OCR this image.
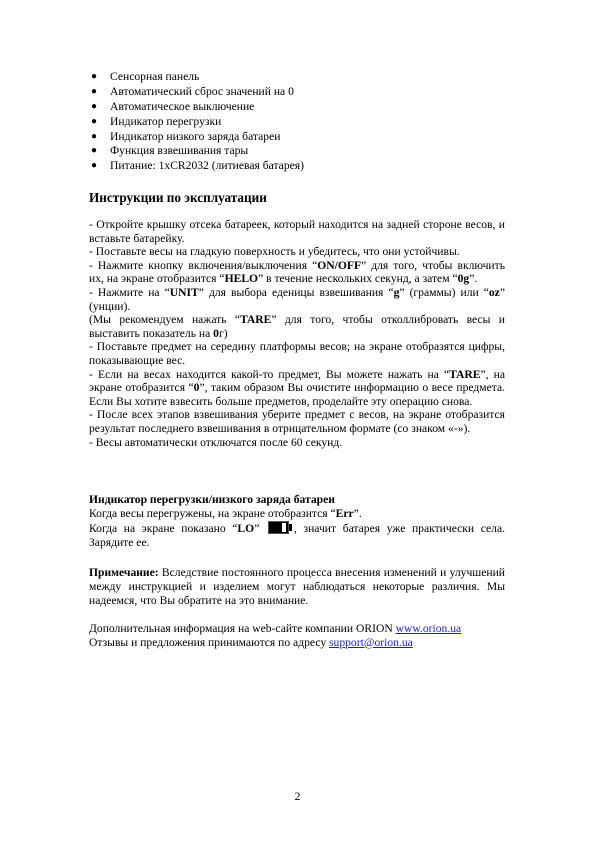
● Сенсорная панель
● Автоматический сброс значений на 0
● Автоматическое выключение
● Индикатор перегрузки
● Индикатор низкого заряда батареи
● Функция взвешивания тары
● Питание: 1xCR2032 (литиевая батарея)
Инструкции по эксплуатации

- Откройте крышку отсека батареек, который находится на задней стороне весов, и вставьте батарейку.

- Поставьте весы на гладкую поверхность и убедитесь, что они устойчивы.

- Нажмите кнопку включения/выключения “ON/OFF” для того, чтобы включить их, на экране отобразится “HELO” в течение нескольких секунд, а затем “0g”.

- Нажмите на “UNIT” для выбора еденицы взвешивания “g” (граммы) или “oz” (унции).

(Мы рекомендуем нажать “TARE” для того, чтобы отколлибровать весы и выставить показатель на 0г)

- Поставьте предмет на середину платформы весов; на экране отобразятся цифры, показывающие вес.

- Если на весах находится какой-то предмет, Вы можете нажать на “TARE”, на экране отобразится “0”, таким образом Вы очистите информацию о весе предмета. Если Вы хотите взвесить больше предметов, проделайте эту операцию снова.

- После всех этапов взвешивания уберите предмет с весов, на экране отобразится результат последнего взвешивания в отрицательном формате (со знаком «-»).

- Весы автоматически отключатся после 60 секунд.

Индикатор перегрузки/низкого заряда батареи

Когда весы перегружены, на экране отобразится “Err”.

Когда на экране показано “LO”
, значит батарея уже практически села. Зарядите ее.

Примечание: Вследствие постоянного процесса внесения изменений и улучшений между инструкцией и изделием могут наблюдаться некоторые различия. Мы надеемся, что Вы обратите на это внимание.

Дополнительная информация на web-сайте компании ORION www.orion.ua

Отзывы и предложения принимаются по адресу support@orion.ua

2
